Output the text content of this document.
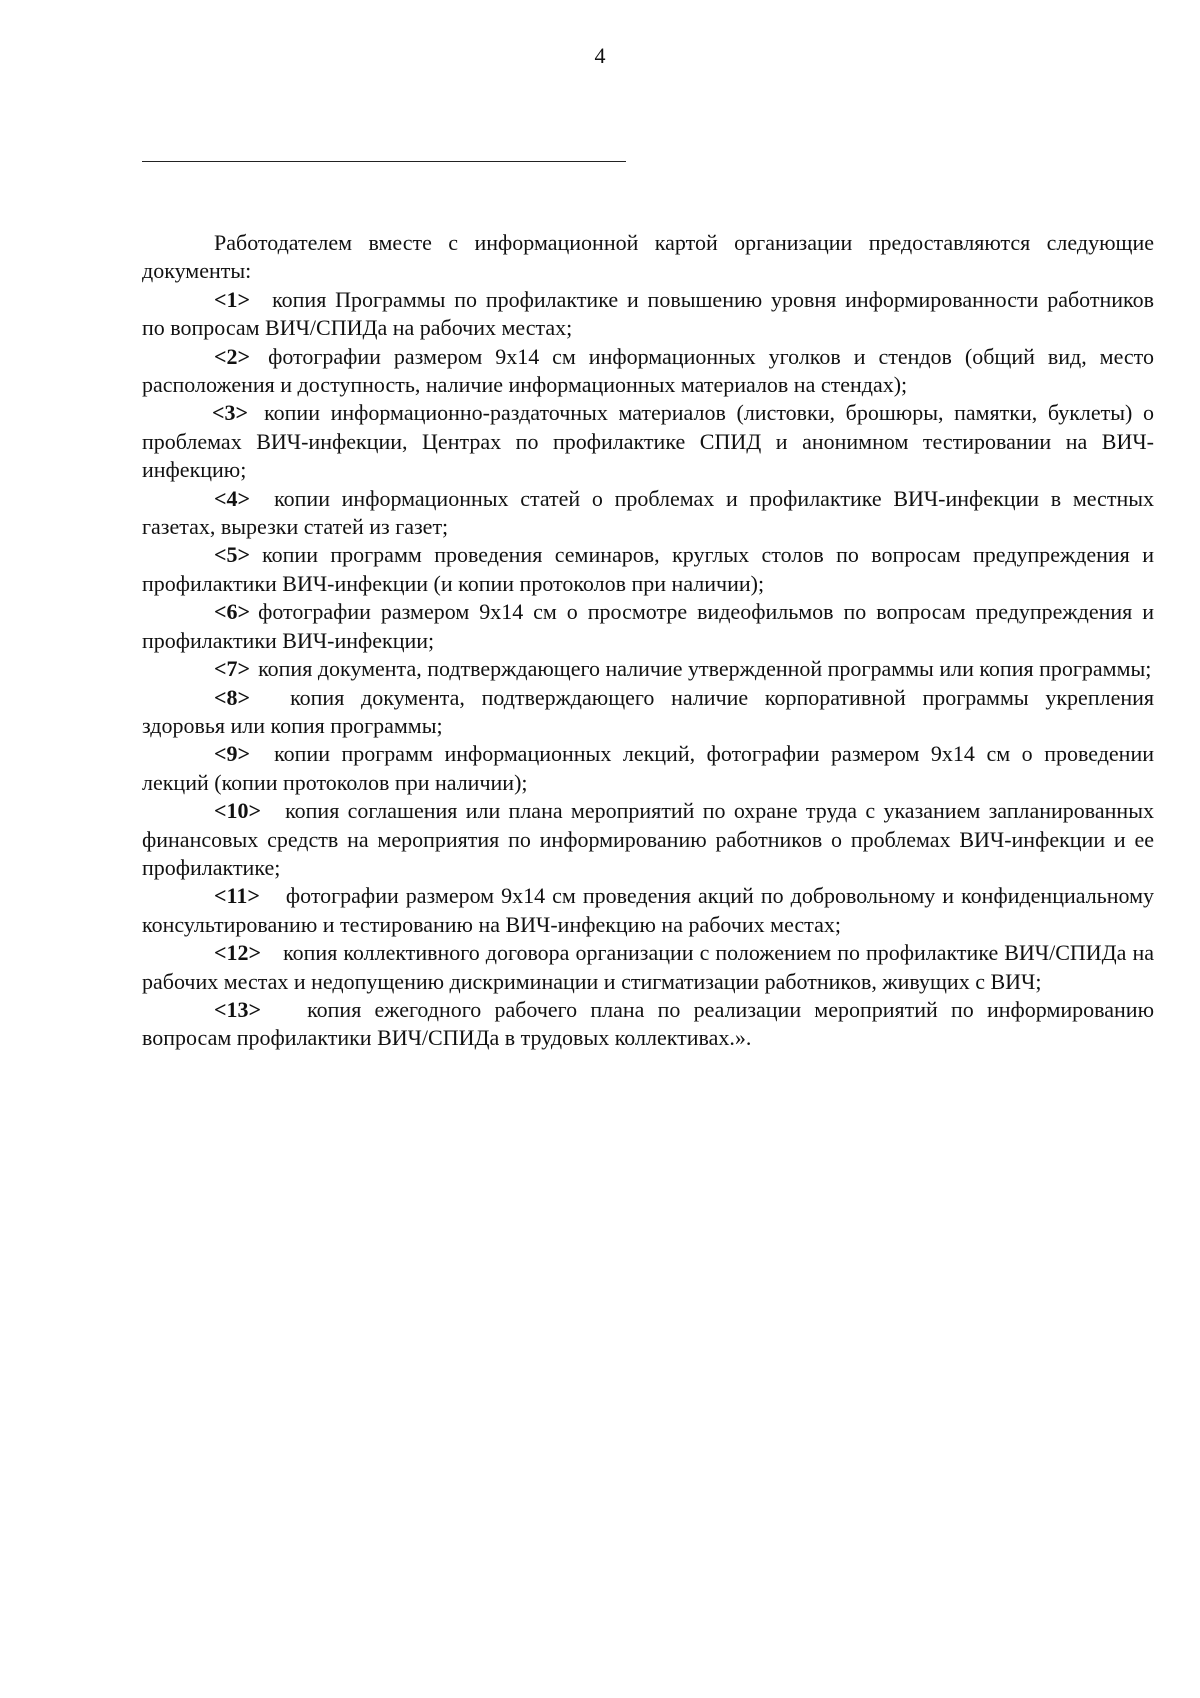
4

Работодателем вместе с информационной картой организации предоставляются следующие документы:

<1> копия Программы по профилактике и повышению уровня информированности работников по вопросам ВИЧ/СПИДа на рабочих местах;

<2> фотографии размером 9x14 см информационных уголков и стендов (общий вид, место расположения и доступность, наличие информационных материалов на стендах);

<3> копии информационно-раздаточных материалов (листовки, брошюры, памятки, буклеты) о проблемах ВИЧ-инфекции, Центрах по профилактике СПИД и анонимном тестировании на ВИЧ-инфекцию;

<4> копии информационных статей о проблемах и профилактике ВИЧ-инфекции в местных газетах, вырезки статей из газет;

<5> копии программ проведения семинаров, круглых столов по вопросам предупреждения и профилактики ВИЧ-инфекции (и копии протоколов при наличии);

<6> фотографии размером 9x14 см о просмотре видеофильмов по вопросам предупреждения и профилактики ВИЧ-инфекции;

<7> копия документа, подтверждающего наличие утвержденной программы или копия программы;

<8> копия документа, подтверждающего наличие корпоративной программы укрепления здоровья или копия программы;

<9> копии программ информационных лекций, фотографии размером 9x14 см о проведении лекций (копии протоколов при наличии);

<10> копия соглашения или плана мероприятий по охране труда с указанием запланированных финансовых средств на мероприятия по информированию работников о проблемах ВИЧ-инфекции и ее профилактике;

<11> фотографии размером 9x14 см проведения акций по добровольному и конфиденциальному консультированию и тестированию на ВИЧ-инфекцию на рабочих местах;

<12> копия коллективного договора организации с положением по профилактике ВИЧ/СПИДа на рабочих местах и недопущению дискриминации и стигматизации работников, живущих с ВИЧ;

<13> копия ежегодного рабочего плана по реализации мероприятий по информированию вопросам профилактики ВИЧ/СПИДа в трудовых коллективах.».
